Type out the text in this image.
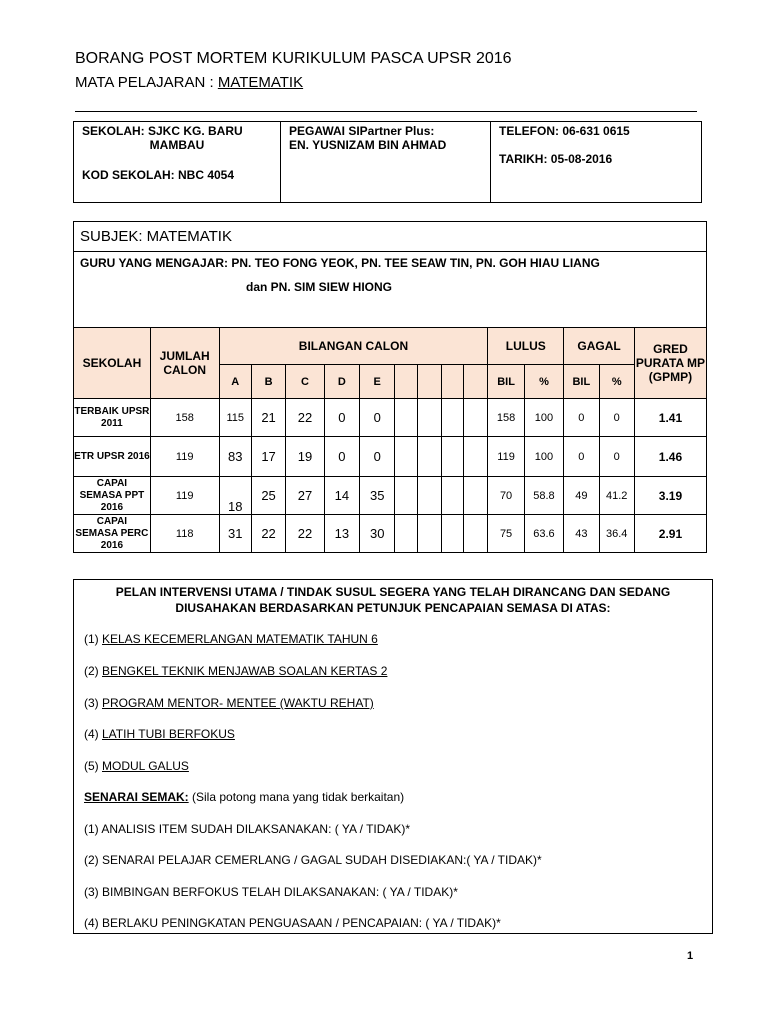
BORANG POST MORTEM KURIKULUM PASCA UPSR 2016
MATA PELAJARAN : MATEMATIK
SEKOLAH: SJKC KG. BARU
MAMBAU
KOD SEKOLAH: NBC 4054
PEGAWAI SIPartner Plus:
EN. YUSNIZAM BIN AHMAD
TELEFON: 06-631 0615
TARIKH: 05-08-2016
SUBJEK: MATEMATIK															

GURU YANG MENGAJAR: PN. TEO FONG YEOK, PN. TEE SEAW TIN, PN. GOH HIAU LIANG
dan PN. SIM SIEW HIONG															

SEKOLAH	JUMLAH CALON	BILANGAN CALON									LULUS		GAGAL		GRED PURATA MP (GPMP)
		A	B	C	D	E					BIL	%	BIL	%	
TERBAIK UPSR 2011	158	115	21	22	0	0					158	100	0	0	1.41
ETR UPSR 2016	119	83	17	19	0	0					119	100	0	0	1.46
CAPAI SEMASA PPT 2016	119	18	25	27	14	35					70	58.8	49	41.2	3.19
CAPAI SEMASA PERC 2016	118	31	22	22	13	30					75	63.6	43	36.4	2.91
PELAN INTERVENSI UTAMA / TINDAK SUSUL SEGERA YANG TELAH DIRANCANG DAN SEDANG
DIUSAHAKAN BERDASARKAN PETUNJUK PENCAPAIAN SEMASA DI ATAS:
(1) KELAS KECEMERLANGAN MATEMATIK TAHUN 6
(2) BENGKEL TEKNIK MENJAWAB SOALAN KERTAS 2
(3) PROGRAM MENTOR- MENTEE (WAKTU REHAT)
(4) LATIH TUBI BERFOKUS
(5) MODUL GALUS
SENARAI SEMAK: (Sila potong mana yang tidak berkaitan)
(1) ANALISIS ITEM SUDAH DILAKSANAKAN: ( YA / TIDAK)*
(2) SENARAI PELAJAR CEMERLANG / GAGAL SUDAH DISEDIAKAN:( YA / TIDAK)*
(3) BIMBINGAN BERFOKUS TELAH DILAKSANAKAN: ( YA / TIDAK)*
(4) BERLAKU PENINGKATAN PENGUASAAN / PENCAPAIAN: ( YA / TIDAK)*
1
